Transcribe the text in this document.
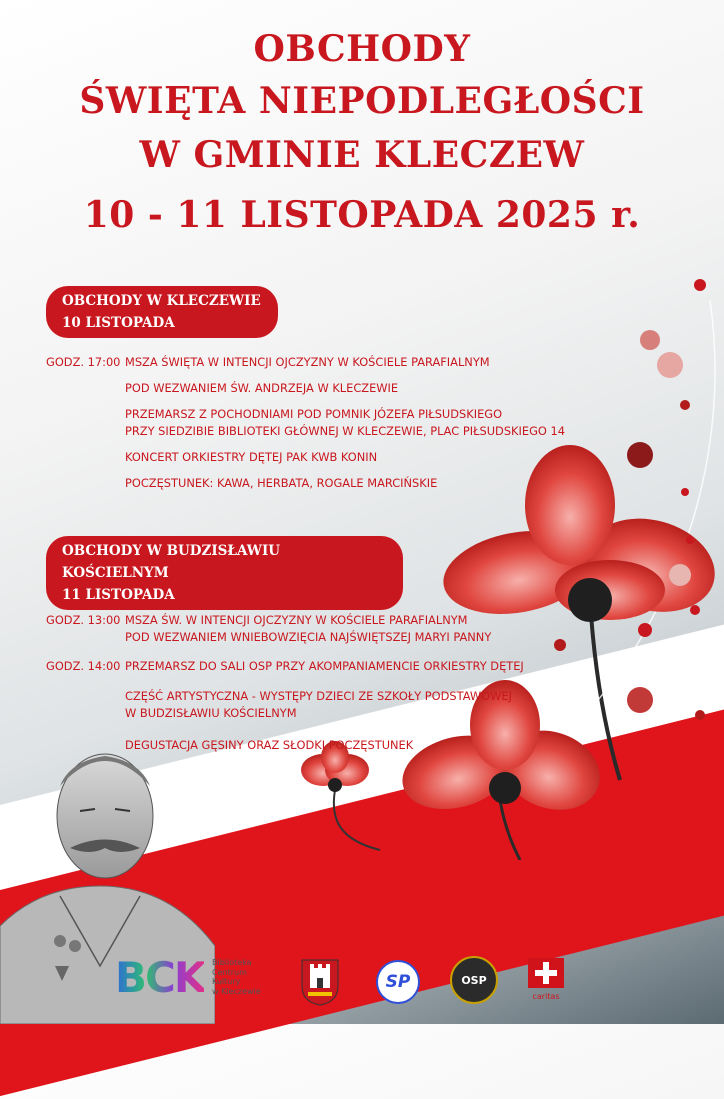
OBCHODY
ŚWIĘTA NIEPODLEGŁOŚCI
W GMINIE KLECZEW
10 - 11 LISTOPADA 2025 r.
OBCHODY W KLECZEWIE
10 LISTOPADA
GODZ. 17:00 MSZA ŚWIĘTA W INTENCJI OJCZYZNY W KOŚCIELE PARAFIALNYM
POD WEZWANIEM ŚW. ANDRZEJA W KLECZEWIE
PRZEMARSZ Z POCHODNIAMI POD POMNIK JÓZEFA PIŁSUDSKIEGO
PRZY SIEDZIBIE BIBLIOTEKI GŁÓWNEJ W KLECZEWIE, PLAC PIŁSUDSKIEGO 14
KONCERT ORKIESTRY DĘTEJ PAK KWB KONIN
POCZĘSTUNEK: KAWA, HERBATA, ROGALE MARCIŃSKIE
OBCHODY W BUDZISŁAWIU KOŚCIELNYM
11 LISTOPADA
GODZ. 13:00 MSZA ŚW. W INTENCJI OJCZYZNY W KOŚCIELE PARAFIALNYM
POD WEZWANIEM WNIEBOWZIĘCIA NAJŚWIĘTSZEJ MARYI PANNY
GODZ. 14:00 PRZEMARSZ DO SALI OSP PRZY AKOMPANIAMENCIE ORKIESTRY DĘTEJ
CZĘŚĆ ARTYSTYCZNA - WYSTĘPY DZIECI ZE SZKOŁY PODSTAWOWEJ
W BUDZISŁAWIU KOŚCIELNYM
DEGUSTACJA GĘSINY ORAZ SŁODKI POCZĘSTUNEK
BCK Biblioteka
Centrum
Kultury
w Kleczewie	SP	OSP
caritas
